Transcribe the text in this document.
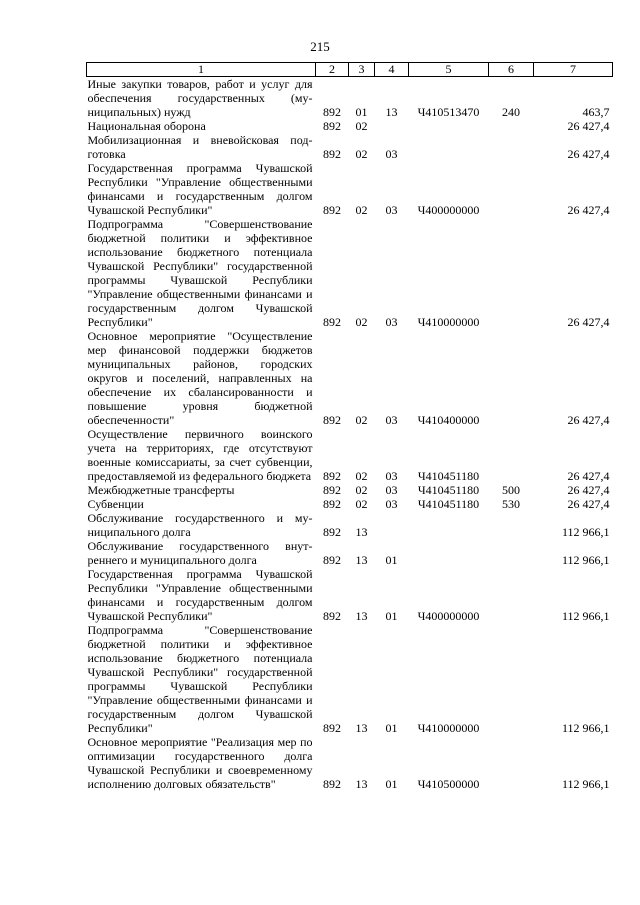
215
1	2	3	4	5	6	7
Иные закупки товаров, работ и услуг для обеспечения государственных (муниципальных) нужд	892	01	13	Ч410513470	240	463,7
Национальная оборона	892	02				26 427,4
Мобилизационная и вневойсковая подготовка	892	02	03			26 427,4
Государственная программа Чувашской Республики "Управление общественными финансами и государственным долгом Чувашской Республики"	892	02	03	Ч400000000		26 427,4
Подпрограмма "Совершенствование бюджетной политики и эффективное использование бюджетного потенциала Чувашской Республики" государственной программы Чувашской Республики "Управление общественными финансами и государственным долгом Чувашской Республики"	892	02	03	Ч410000000		26 427,4
Основное мероприятие "Осуществление мер финансовой поддержки бюджетов муниципальных районов, городских округов и поселений, направленных на обеспечение их сбалансированности и повышение уровня бюджетной обеспеченности"	892	02	03	Ч410400000		26 427,4
Осуществление первичного воинского учета на территориях, где отсутствуют военные комиссариаты, за счет субвенции, предоставляемой из федерального бюджета	892	02	03	Ч410451180		26 427,4
Межбюджетные трансферты	892	02	03	Ч410451180	500	26 427,4
Субвенции	892	02	03	Ч410451180	530	26 427,4
Обслуживание государственного и муниципального долга	892	13				112 966,1
Обслуживание государственного внутреннего и муниципального долга	892	13	01			112 966,1
Государственная программа Чувашской Республики "Управление общественными финансами и государственным долгом Чувашской Республики"	892	13	01	Ч400000000		112 966,1
Подпрограмма "Совершенствование бюджетной политики и эффективное использование бюджетного потенциала Чувашской Республики" государственной программы Чувашской Республики "Управление общественными финансами и государственным долгом Чувашской Республики"	892	13	01	Ч410000000		112 966,1
Основное мероприятие "Реализация мер по оптимизации государственного долга Чувашской Республики и своевременному исполнению долговых обязательств"	892	13	01	Ч410500000		112 966,1
